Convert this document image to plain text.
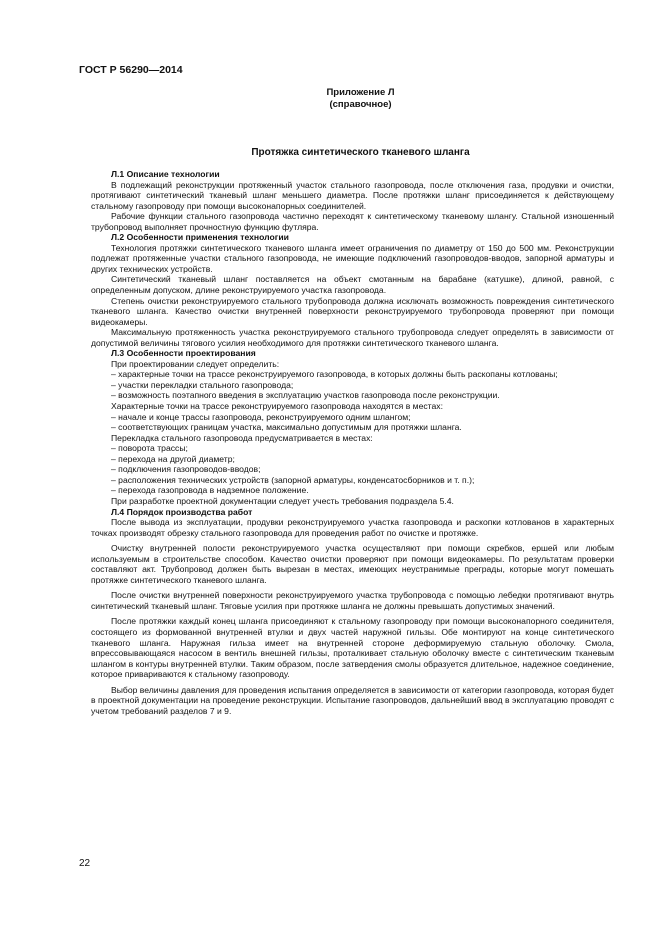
ГОСТ Р 56290—2014
Приложение Л
(справочное)
Протяжка синтетического тканевого шланга

Л.1 Описание технологии

В подлежащий реконструкции протяженный участок стального газопровода, после отключения газа, продувки и очистки, протягивают синтетический тканевый шланг меньшего диаметра. После протяжки шланг присоединяется к действующему стальному газопроводу при помощи высоконапорных соединителей.

Рабочие функции стального газопровода частично переходят к синтетическому тканевому шлангу. Стальной изношенный трубопровод выполняет прочностную функцию футляра.

Л.2 Особенности применения технологии

Технология протяжки синтетического тканевого шланга имеет ограничения по диаметру от 150 до 500 мм. Реконструкции подлежат протяженные участки стального газопровода, не имеющие подключений газопроводов-вводов, запорной арматуры и других технических устройств.

Синтетический тканевый шланг поставляется на объект смотанным на барабане (катушке), длиной, равной, с определенным допуском, длине реконструируемого участка газопровода.

Степень очистки реконструируемого стального трубопровода должна исключать возможность повреждения синтетического тканевого шланга. Качество очистки внутренней поверхности реконструируемого трубопровода проверяют при помощи видеокамеры.

Максимальную протяженность участка реконструируемого стального трубопровода следует определять в зависимости от допустимой величины тягового усилия необходимого для протяжки синтетического тканевого шланга.

Л.3 Особенности проектирования

При проектировании следует определить:

– характерные точки на трассе реконструируемого газопровода, в которых должны быть раскопаны котлованы;

– участки перекладки стального газопровода;

– возможность поэтапного введения в эксплуатацию участков газопровода после реконструкции.

Характерные точки на трассе реконструируемого газопровода находятся в местах:

– начале и конце трассы газопровода, реконструируемого одним шлангом;

– соответствующих границам участка, максимально допустимым для протяжки шланга.

Перекладка стального газопровода предусматривается в местах:

– поворота трассы;

– перехода на другой диаметр;

– подключения газопроводов-вводов;

– расположения технических устройств (запорной арматуры, конденсатосборников и т. п.);

– перехода газопровода в надземное положение.

При разработке проектной документации следует учесть требования подраздела 5.4.

Л.4 Порядок производства работ

После вывода из эксплуатации, продувки реконструируемого участка газопровода и раскопки котлованов в характерных точках производят обрезку стального газопровода для проведения работ по очистке и протяжке.

Очистку внутренней полости реконструируемого участка осуществляют при помощи скребков, ершей или любым используемым в строительстве способом. Качество очистки проверяют при помощи видеокамеры. По результатам проверки составляют акт. Трубопровод должен быть вырезан в местах, имеющих неустранимые преграды, которые могут помешать протяжке синтетического тканевого шланга.

После очистки внутренней поверхности реконструируемого участка трубопровода с помощью лебедки протягивают внутрь синтетический тканевый шланг. Тяговые усилия при протяжке шланга не должны превышать допустимых значений.

После протяжки каждый конец шланга присоединяют к стальному газопроводу при помощи высоконапорного соединителя, состоящего из формованной внутренней втулки и двух частей наружной гильзы. Обе монтируют на конце синтетического тканевого шланга. Наружная гильза имеет на внутренней стороне деформируемую стальную оболочку. Смола, впрессовывающаяся насосом в вентиль внешней гильзы, проталкивает стальную оболочку вместе с синтетическим тканевым шлангом в контуры внутренней втулки. Таким образом, после затвердения смолы образуется длительное, надежное соединение, которое привариваются к стальному газопроводу.

Выбор величины давления для проведения испытания определяется в зависимости от категории газопровода, которая будет в проектной документации на проведение реконструкции. Испытание газопроводов, дальнейший ввод в эксплуатацию проводят с учетом требований разделов 7 и 9.

22
